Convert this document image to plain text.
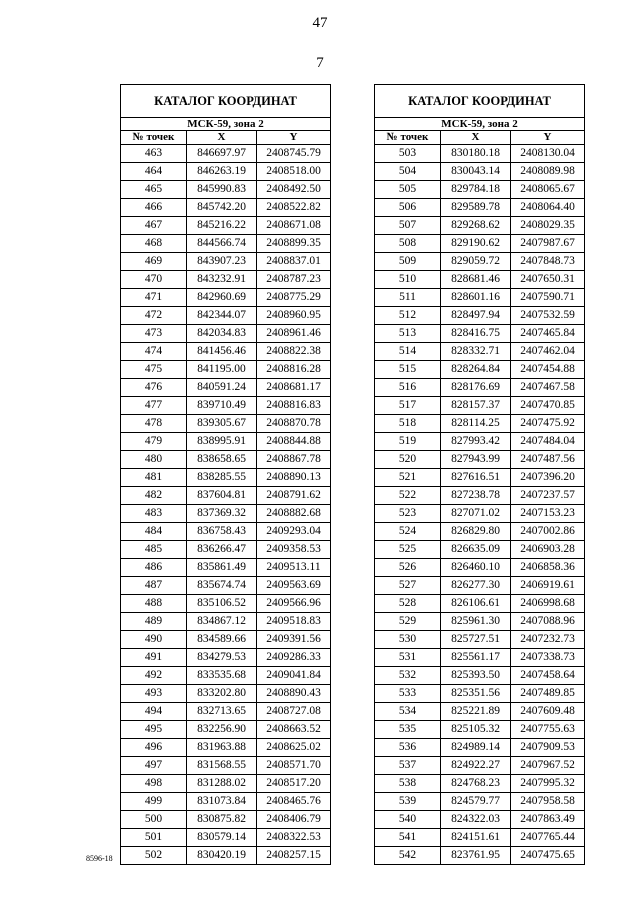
47
7
КАТАЛОГ КООРДИНАТ		
МСК-59, зона 2		
№ точек	X	Y
463	846697.97	2408745.79
464	846263.19	2408518.00
465	845990.83	2408492.50
466	845742.20	2408522.82
467	845216.22	2408671.08
468	844566.74	2408899.35
469	843907.23	2408837.01
470	843232.91	2408787.23
471	842960.69	2408775.29
472	842344.07	2408960.95
473	842034.83	2408961.46
474	841456.46	2408822.38
475	841195.00	2408816.28
476	840591.24	2408681.17
477	839710.49	2408816.83
478	839305.67	2408870.78
479	838995.91	2408844.88
480	838658.65	2408867.78
481	838285.55	2408890.13
482	837604.81	2408791.62
483	837369.32	2408882.68
484	836758.43	2409293.04
485	836266.47	2409358.53
486	835861.49	2409513.11
487	835674.74	2409563.69
488	835106.52	2409566.96
489	834867.12	2409518.83
490	834589.66	2409391.56
491	834279.53	2409286.33
492	833535.68	2409041.84
493	833202.80	2408890.43
494	832713.65	2408727.08
495	832256.90	2408663.52
496	831963.88	2408625.02
497	831568.55	2408571.70
498	831288.02	2408517.20
499	831073.84	2408465.76
500	830875.82	2408406.79
501	830579.14	2408322.53
502	830420.19	2408257.15
КАТАЛОГ КООРДИНАТ		
МСК-59, зона 2		
№ точек	X	Y
503	830180.18	2408130.04
504	830043.14	2408089.98
505	829784.18	2408065.67
506	829589.78	2408064.40
507	829268.62	2408029.35
508	829190.62	2407987.67
509	829059.72	2407848.73
510	828681.46	2407650.31
511	828601.16	2407590.71
512	828497.94	2407532.59
513	828416.75	2407465.84
514	828332.71	2407462.04
515	828264.84	2407454.88
516	828176.69	2407467.58
517	828157.37	2407470.85
518	828114.25	2407475.92
519	827993.42	2407484.04
520	827943.99	2407487.56
521	827616.51	2407396.20
522	827238.78	2407237.57
523	827071.02	2407153.23
524	826829.80	2407002.86
525	826635.09	2406903.28
526	826460.10	2406858.36
527	826277.30	2406919.61
528	826106.61	2406998.68
529	825961.30	2407088.96
530	825727.51	2407232.73
531	825561.17	2407338.73
532	825393.50	2407458.64
533	825351.56	2407489.85
534	825221.89	2407609.48
535	825105.32	2407755.63
536	824989.14	2407909.53
537	824922.27	2407967.52
538	824768.23	2407995.32
539	824579.77	2407958.58
540	824322.03	2407863.49
541	824151.61	2407765.44
542	823761.95	2407475.65
8596-18
